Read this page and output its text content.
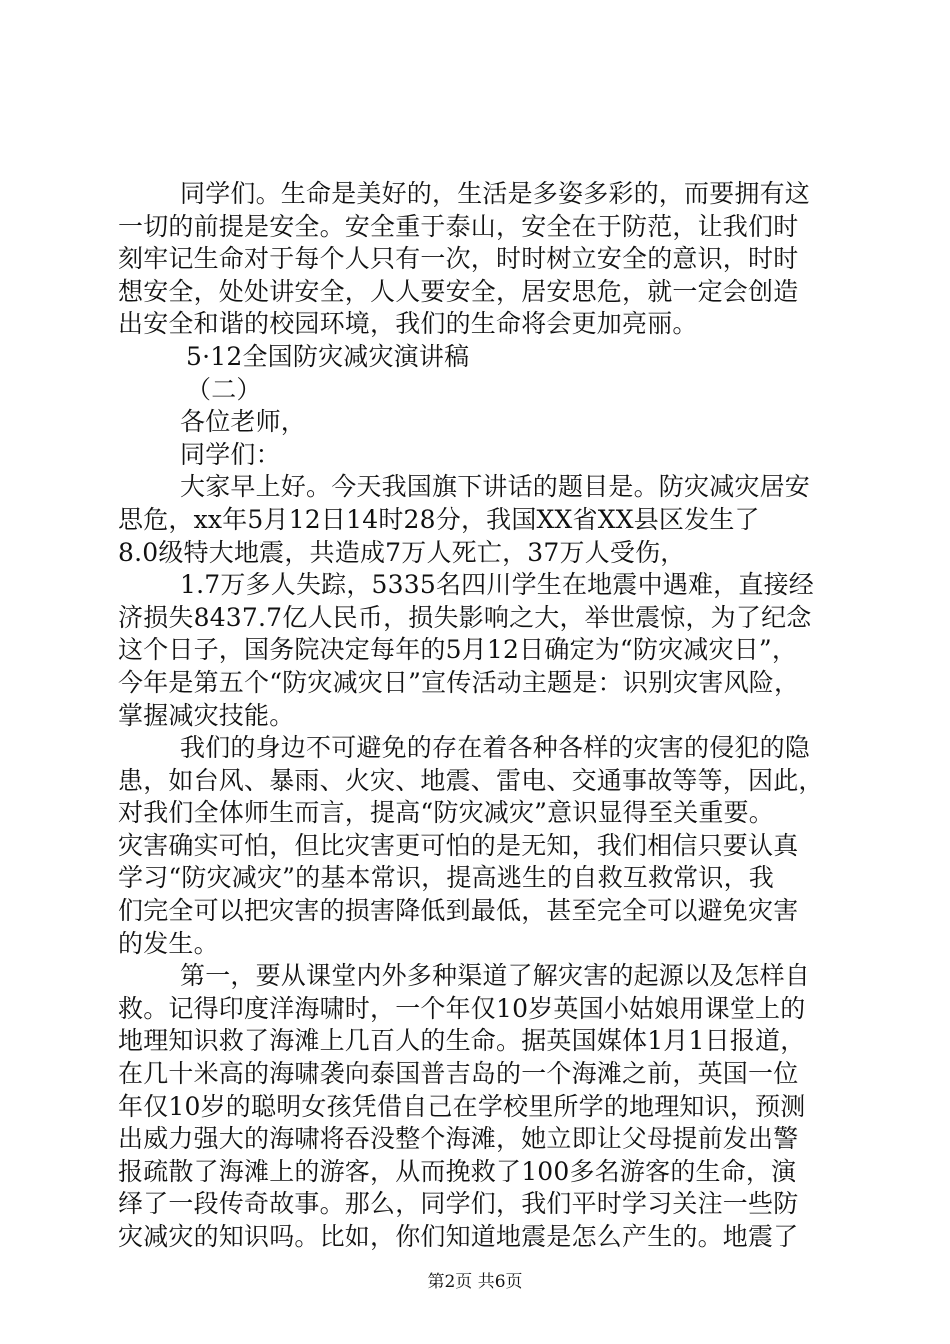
同学们。生命是美好的，生活是多姿多彩的，而要拥有这
一切的前提是安全。安全重于泰山，安全在于防范，让我们时
刻牢记生命对于每个人只有一次，时时树立安全的意识，时时
想安全，处处讲安全，人人要安全，居安思危，就一定会创造
出安全和谐的校园环境，我们的生命将会更加亮丽。
5·12全国防灾减灾演讲稿
（二）
各位老师，
同学们：
大家早上好。今天我国旗下讲话的题目是。防灾减灾居安
思危，xx年5月12日14时28分，我国XX省XX县区发生了
8.0级特大地震，共造成7万人死亡，37万人受伤，
1.7万多人失踪，5335名四川学生在地震中遇难，直接经
济损失8437.7亿人民币，损失影响之大，举世震惊，为了纪念
这个日子，国务院决定每年的5月12日确定为“防灾减灾日”，
今年是第五个“防灾减灾日”宣传活动主题是：识别灾害风险，
掌握减灾技能。
我们的身边不可避免的存在着各种各样的灾害的侵犯的隐
患，如台风、暴雨、火灾、地震、雷电、交通事故等等，因此，
对我们全体师生而言，提高“防灾减灾”意识显得至关重要。
灾害确实可怕，但比灾害更可怕的是无知，我们相信只要认真
学习“防灾减灾”的基本常识，提高逃生的自救互救常识，我
们完全可以把灾害的损害降低到最低，甚至完全可以避免灾害
的发生。
第一，要从课堂内外多种渠道了解灾害的起源以及怎样自
救。记得印度洋海啸时，一个年仅10岁英国小姑娘用课堂上的
地理知识救了海滩上几百人的生命。据英国媒体1月1日报道，
在几十米高的海啸袭向泰国普吉岛的一个海滩之前，英国一位
年仅10岁的聪明女孩凭借自己在学校里所学的地理知识，预测
出威力强大的海啸将吞没整个海滩，她立即让父母提前发出警
报疏散了海滩上的游客，从而挽救了100多名游客的生命，演
绎了一段传奇故事。那么，同学们，我们平时学习关注一些防
灾减灾的知识吗。比如，你们知道地震是怎么产生的。地震了
第2页 共6页
